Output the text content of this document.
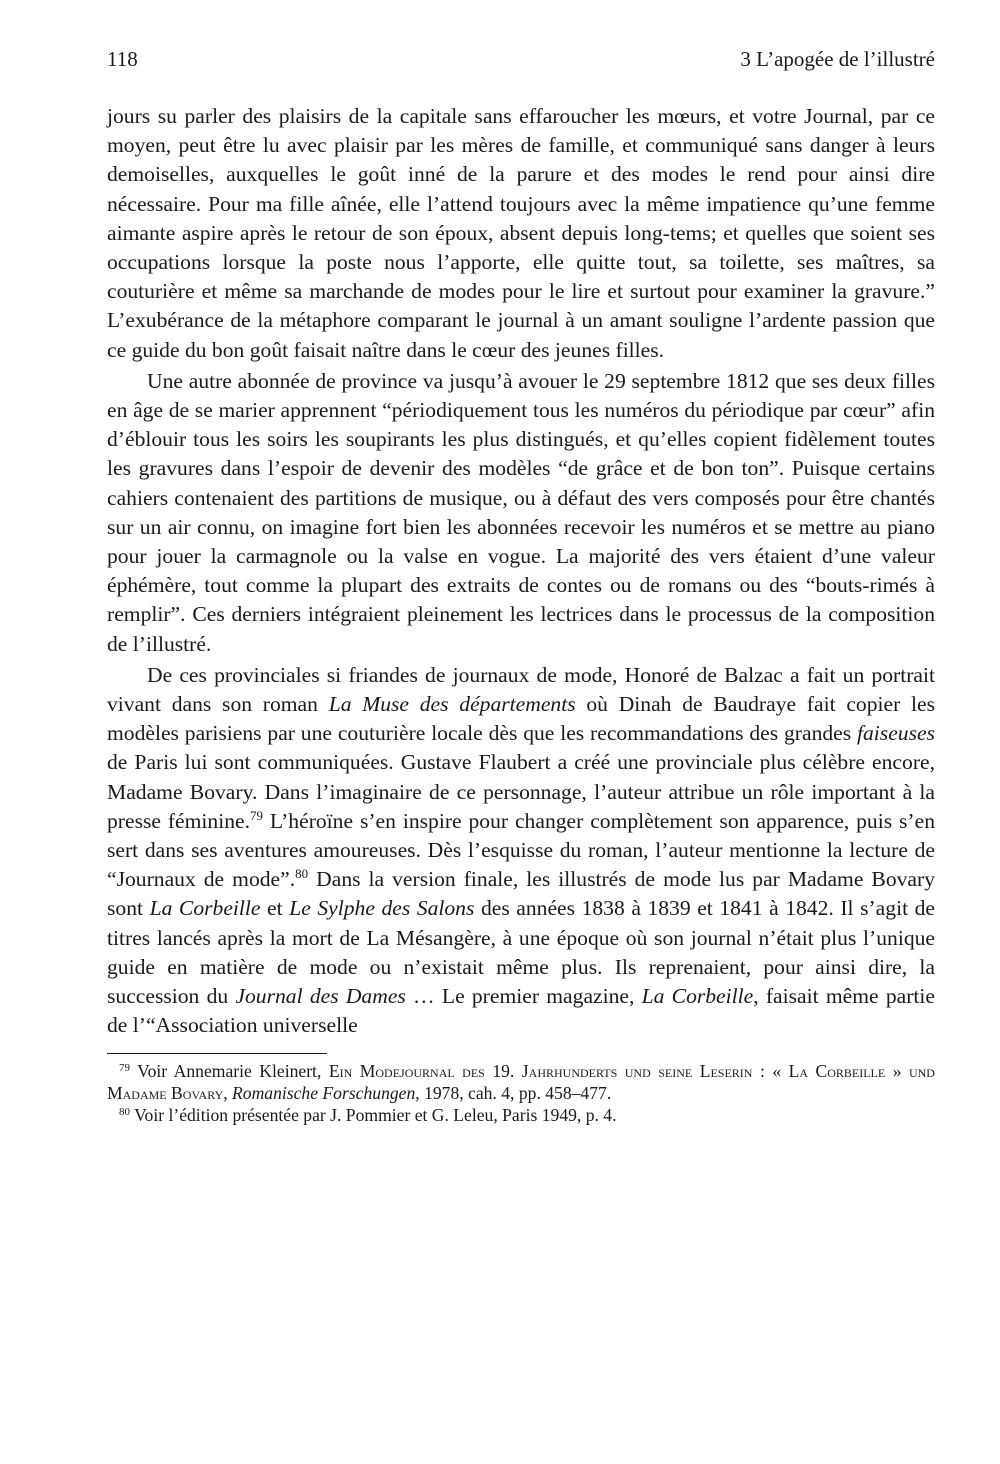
118	3 L’apogée de l’illustré

jours su parler des plaisirs de la capitale sans effaroucher les mœurs, et votre Journal, par ce moyen, peut être lu avec plaisir par les mères de famille, et communiqué sans danger à leurs demoiselles, auxquelles le goût inné de la parure et des modes le rend pour ainsi dire nécessaire. Pour ma fille aînée, elle l’attend toujours avec la même impatience qu’une femme aimante aspire après le retour de son époux, absent depuis long-tems; et quelles que soient ses occupations lorsque la poste nous l’apporte, elle quitte tout, sa toilette, ses maîtres, sa couturière et même sa marchande de modes pour le lire et surtout pour examiner la gravure.” L’exubérance de la métaphore comparant le journal à un amant souligne l’ardente passion que ce guide du bon goût faisait naître dans le cœur des jeunes filles.

Une autre abonnée de province va jusqu’à avouer le 29 septembre 1812 que ses deux filles en âge de se marier apprennent “périodiquement tous les numéros du périodique par cœur” afin d’éblouir tous les soirs les soupirants les plus distingués, et qu’elles copient fidèlement toutes les gravures dans l’espoir de devenir des modèles “de grâce et de bon ton”. Puisque certains cahiers contenaient des partitions de musique, ou à défaut des vers composés pour être chantés sur un air connu, on imagine fort bien les abonnées recevoir les numéros et se mettre au piano pour jouer la carmagnole ou la valse en vogue. La majorité des vers étaient d’une valeur éphémère, tout comme la plupart des extraits de contes ou de romans ou des “bouts-rimés à remplir”. Ces derniers intégraient pleinement les lectrices dans le processus de la composition de l’illustré.

De ces provinciales si friandes de journaux de mode, Honoré de Balzac a fait un portrait vivant dans son roman La Muse des départements où Dinah de Baudraye fait copier les modèles parisiens par une couturière locale dès que les recommandations des grandes faiseuses de Paris lui sont communiquées. Gustave Flaubert a créé une provinciale plus célèbre encore, Madame Bovary. Dans l’imaginaire de ce personnage, l’auteur attribue un rôle important à la presse féminine.$^{79}$ L’héroïne s’en inspire pour changer complètement son apparence, puis s’en sert dans ses aventures amoureuses. Dès l’esquisse du roman, l’auteur mentionne la lecture de “Journaux de mode”.$^{80}$ Dans la version finale, les illustrés de mode lus par Madame Bovary sont La Corbeille et Le Sylphe des Salons des années 1838 à 1839 et 1841 à 1842. Il s’agit de titres lancés après la mort de La Mésangère, à une époque où son journal n’était plus l’unique guide en matière de mode ou n’existait même plus. Ils reprenaient, pour ainsi dire, la succession du Journal des Dames … Le premier magazine, La Corbeille, faisait même partie de l’“Association universelle

$^{79}$ Voir Annemarie Kleinert, Ein Modejournal des 19. Jahrhunderts und seine Leserin : « La Corbeille » und Madame Bovary, Romanische Forschungen, 1978, cah. 4, pp. 458–477.

$^{80}$ Voir l’édition présentée par J. Pommier et G. Leleu, Paris 1949, p. 4.
